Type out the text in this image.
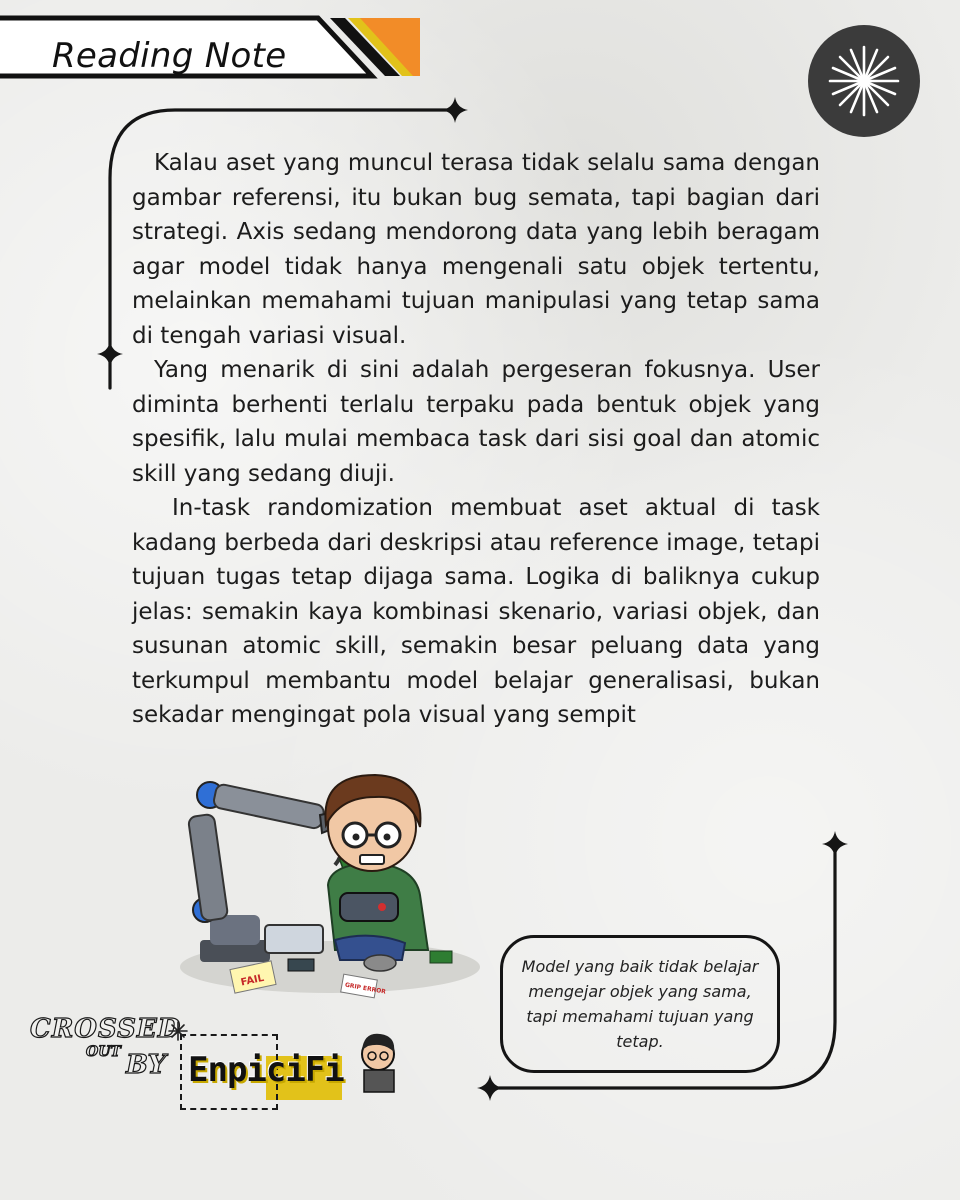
Reading Note

Kalau aset yang muncul terasa tidak selalu sama dengan gambar referensi, itu bukan bug semata, tapi bagian dari strategi. Axis sedang mendorong data yang lebih beragam agar model tidak hanya mengenali satu objek tertentu, melainkan memahami tujuan manipulasi yang tetap sama di tengah variasi visual.

Yang menarik di sini adalah pergeseran fokusnya. User diminta berhenti terlalu terpaku pada bentuk objek yang spesifik, lalu mulai membaca task dari sisi goal dan atomic skill yang sedang diuji.

In-task randomization membuat aset aktual di task kadang berbeda dari deskripsi atau reference image, tetapi tujuan tugas tetap dijaga sama. Logika di baliknya cukup jelas: semakin kaya kombinasi skenario, variasi objek, dan susunan atomic skill, semakin besar peluang data yang terkumpul membantu model belajar generalisasi, bukan sekadar mengingat pola visual yang sempit

FAIL
GRIP ERROR
Model yang baik tidak belajar mengejar objek yang sama, tapi memahami tujuan yang tetap.
CROSSED
OUT BY EnpiciFi
